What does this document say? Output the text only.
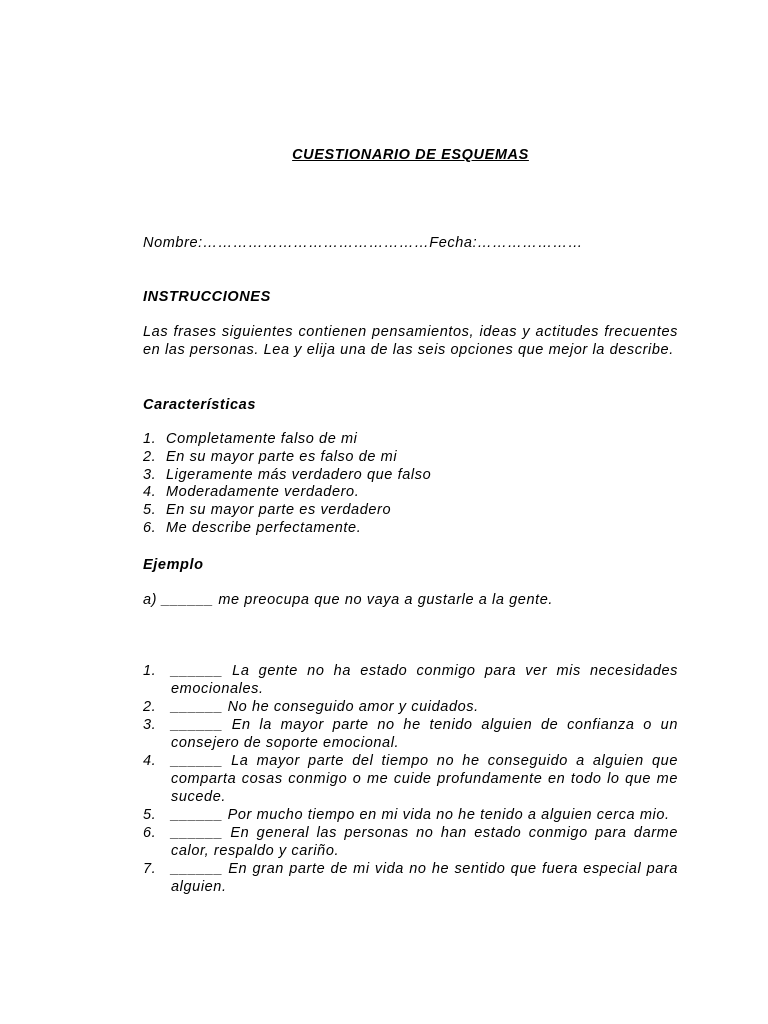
CUESTIONARIO DE ESQUEMAS
Nombre:………………………………………Fecha:…………………
INSTRUCCIONES

Las frases siguientes contienen pensamientos, ideas y actitudes frecuentes en las personas. Lea y elija una de las seis opciones que mejor la describe.

Características
1. Completamente falso de mi
2. En su mayor parte es falso de mi
3. Ligeramente más verdadero que falso
4. Moderadamente verdadero.
5. En su mayor parte es verdadero
6. Me describe perfectamente.
Ejemplo

a) ______ me preocupa que no vaya a gustarle a la gente.

1. ______ La gente no ha estado conmigo para ver mis necesidades emocionales.
2. ______ No he conseguido amor y cuidados.
3. ______ En la mayor parte no he tenido alguien de confianza o un consejero de soporte emocional.
4. ______ La mayor parte del tiempo no he conseguido a alguien que comparta cosas conmigo o me cuide profundamente en todo lo que me sucede.
5. ______ Por mucho tiempo en mi vida no he tenido a alguien cerca mio.
6. ______ En general las personas no han estado conmigo para darme calor, respaldo y cariño.
7. ______ En gran parte de mi vida no he sentido que fuera especial para alguien.
